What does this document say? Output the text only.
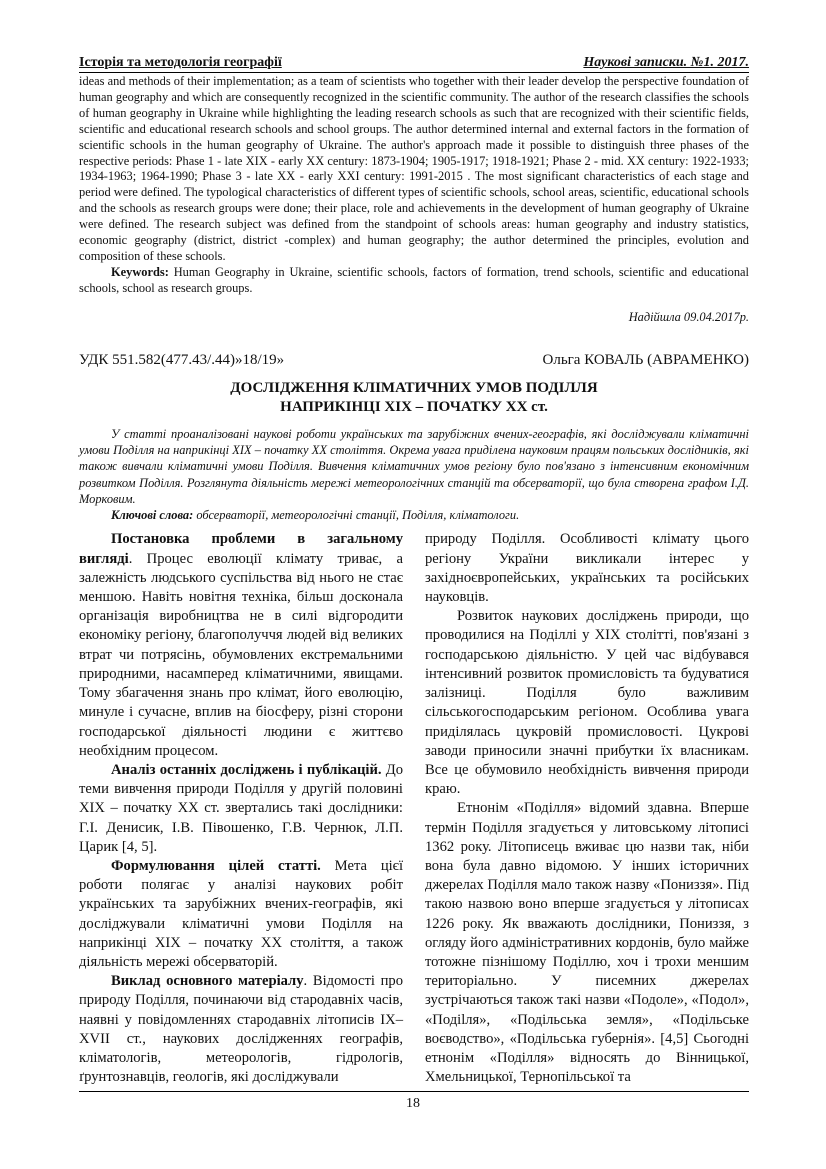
Історія та методологія географії	Наукові записки. №1. 2017.

ideas and methods of their implementation; as a team of scientists who together with their leader develop the perspective foundation of human geography and which are consequently recognized in the scientific community. The author of the research classifies the schools of human geography in Ukraine while highlighting the leading research schools as such that are recognized with their scientific fields, scientific and educational research schools and school groups. The author determined internal and external factors in the formation of scientific schools in the human geography of Ukraine. The author's approach made it possible to distinguish three phases of the respective periods: Phase 1 - late XIX - early XX century: 1873-1904; 1905-1917; 1918-1921; Phase 2 - mid. XX century: 1922-1933; 1934-1963; 1964-1990; Phase 3 - late XX - early XXI century: 1991-2015 . The most significant characteristics of each stage and period were defined. The typological characteristics of different types of scientific schools, school areas, scientific, educational schools and the schools as research groups were done; their place, role and achievements in the development of human geography of Ukraine were defined. The research subject was defined from the standpoint of schools areas: human geography and industry statistics, economic geography (district, district -complex) and human geography; the author determined the principles, evolution and composition of these schools.

Keywords: Human Geography in Ukraine, scientific schools, factors of formation, trend schools, scientific and educational schools, school as research groups.

Надійшла 09.04.2017р.
УДК 551.582(477.43/.44)»18/19»	Ольга КОВАЛЬ (АВРАМЕНКО)
ДОСЛІДЖЕННЯ КЛІМАТИЧНИХ УМОВ ПОДІЛЛЯ
НАПРИКІНЦІ ХІХ – ПОЧАТКУ ХХ ст.
У статті проаналізовані наукові роботи українських та зарубіжних вчених-географів, які досліджували кліматичні умови Поділля на наприкінці ХІХ – початку ХХ століття. Окрема увага приділена науковим працям польських дослідників, які також вивчали кліматичні умови Поділля. Вивчення кліматичних умов регіону було пов'язано з інтенсивним економічним розвитком Поділля. Розглянута діяльність мережі метеорологічних станцій та обсерваторії, що була створена графом І.Д. Морковим.
Ключові слова: обсерваторії, метеорологічні станції, Поділля, кліматологи.

Постановка проблеми в загальному вигляді. Процес еволюції клімату триває, а залежність людського суспільства від нього не стає меншою. Навіть новітня техніка, більш досконала організація виробництва не в силі відгородити економіку регіону, благополуччя людей від великих втрат чи потрясінь, обумовлених екстремальними природними, насамперед кліматичними, явищами. Тому збагачення знань про клімат, його еволюцію, минуле і сучасне, вплив на біосферу, різні сторони господарської діяльності людини є життєво необхідним процесом.

Аналіз останніх досліджень і публікацій. До теми вивчення природи Поділля у другій половині ХІХ – початку ХХ ст. звертались такі дослідники: Г.І. Денисик, І.В. Півошенко, Г.В. Чернюк, Л.П. Царик [4, 5].

Формулювання цілей статті. Мета цієї роботи полягає у аналізі наукових робіт українських та зарубіжних вчених-географів, які досліджували кліматичні умови Поділля на наприкінці ХІХ – початку ХХ століття, а також діяльність мережі обсерваторій.

Виклад основного матеріалу. Відомості про природу Поділля, починаючи від стародавніх часів, наявні у повідомленнях стародавніх літописів ІХ–XVII ст., наукових дослідженнях географів, кліматологів, метеорологів, гідрологів, ґрунтознавців, геологів, які досліджували

природу Поділля. Особливості клімату цього регіону України викликали інтерес у західноєвропейських, українських та російських науковців.

Розвиток наукових досліджень природи, що проводилися на Поділлі у ХІХ столітті, пов'язані з господарською діяльністю. У цей час відбувався інтенсивний розвиток промисловість та будуватися залізниці. Поділля було важливим сільськогосподарським регіоном. Особлива увага приділялась цукровій промисловості. Цукрові заводи приносили значні прибутки їх власникам. Все це обумовило необхідність вивчення природи краю.

Етнонім «Поділля» відомий здавна. Вперше термін Поділля згадується у литовському літописі 1362 року. Літописець вживає цю назви так, ніби вона була давно відомою. У інших історичних джерелах Поділля мало також назву «Пониззя». Під такою назвою воно вперше згадується у літописах 1226 року. Як вважають дослідники, Пониззя, з огляду його адміністративних кордонів, було майже тотожне пізнішому Поділлю, хоч і трохи меншим територіально. У писемних джерелах зустрічаються також такі назви «Подоле», «Подол», «Подіlля», «Подільська земля», «Подільське воєводство», «Подільська губернія». [4,5] Сьогодні етнонім «Поділля» відносять до Вінницької, Хмельницької, Тернопільської та

18
